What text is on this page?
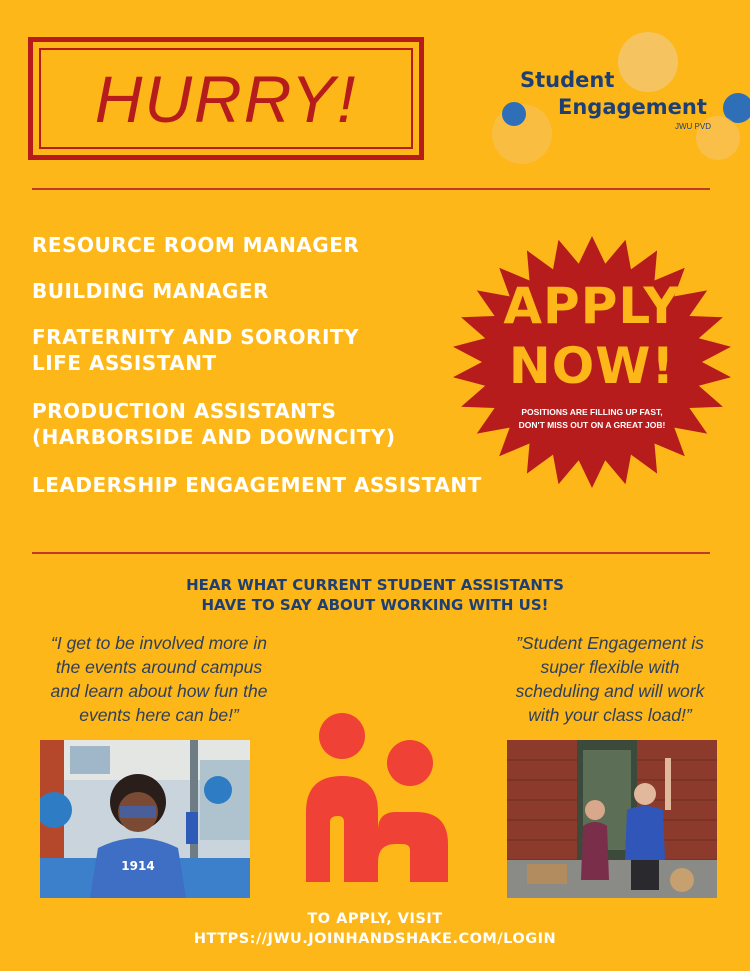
HURRY!	Student
Engagement
JWU PVD
RESOURCE ROOM MANAGER
BUILDING MANAGER
FRATERNITY AND SORORITY
LIFE ASSISTANT
PRODUCTION ASSISTANTS
(HARBORSIDE AND DOWNCITY)
LEADERSHIP ENGAGEMENT ASSISTANT
APPLY
NOW!
POSITIONS ARE FILLING UP FAST,
DON'T MISS OUT ON A GREAT JOB!
HEAR WHAT CURRENT STUDENT ASSISTANTS
HAVE TO SAY ABOUT WORKING WITH US!
“I get to be involved more in
the events around campus
and learn about how fun the
events here can be!”
”Student Engagement is
super flexible with
scheduling and will work
with your class load!”
1914
TO APPLY, VISIT
HTTPS://JWU.JOINHANDSHAKE.COM/LOGIN
